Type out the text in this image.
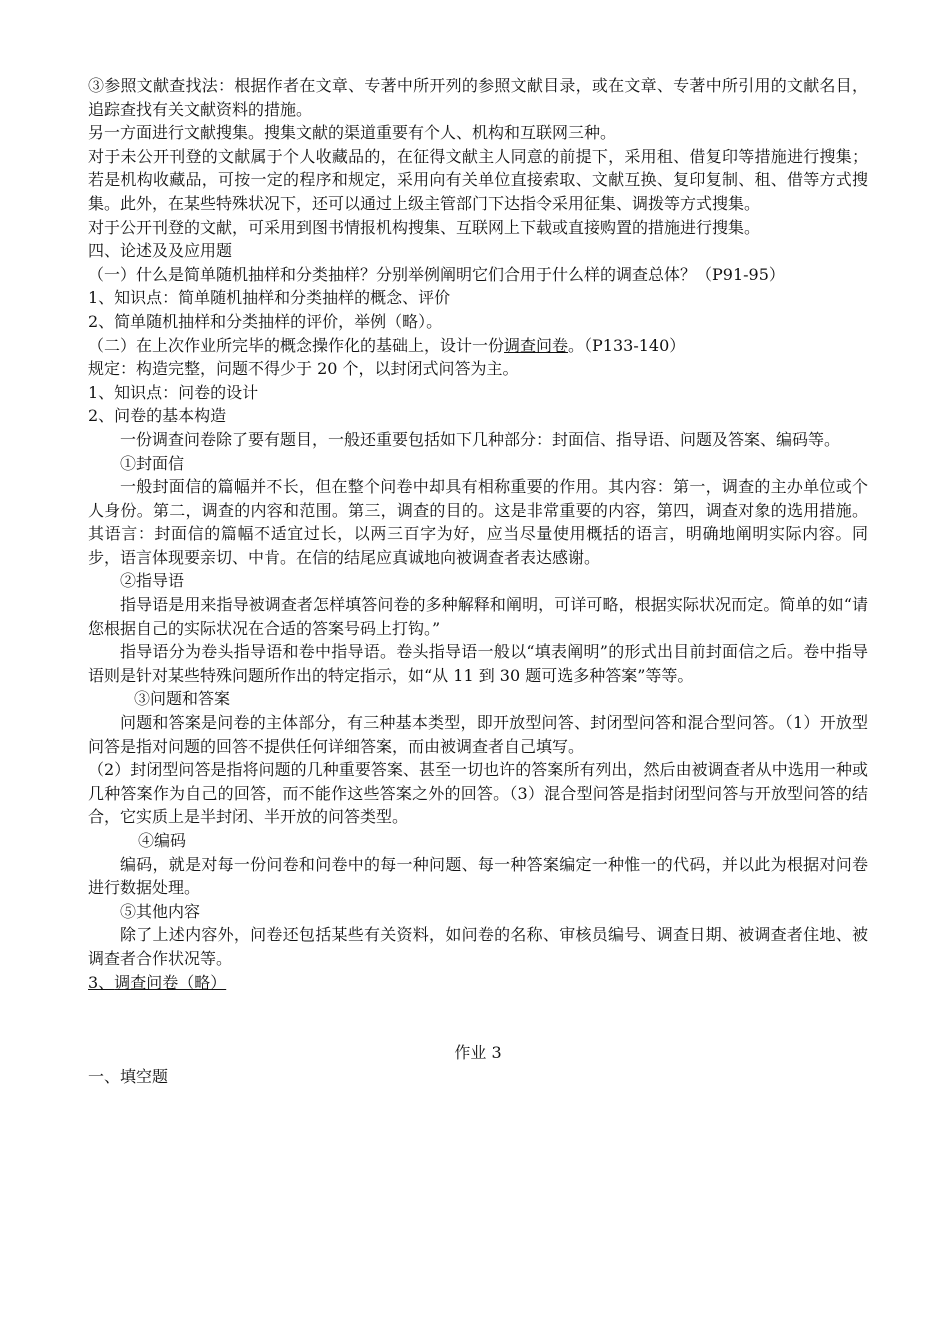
③参照文献查找法：根据作者在文章、专著中所开列的参照文献目录，或在文章、专著中所引用的文献名目，追踪查找有关文献资料的措施。

另一方面进行文献搜集。搜集文献的渠道重要有个人、机构和互联网三种。

对于未公开刊登的文献属于个人收藏品的，在征得文献主人同意的前提下，采用租、借复印等措施进行搜集；若是机构收藏品，可按一定的程序和规定，采用向有关单位直接索取、文献互换、复印复制、租、借等方式搜集。此外，在某些特殊状况下，还可以通过上级主管部门下达指令采用征集、调拨等方式搜集。

对于公开刊登的文献，可采用到图书情报机构搜集、互联网上下载或直接购置的措施进行搜集。

四、论述及及应用题

（一）什么是简单随机抽样和分类抽样？分别举例阐明它们合用于什么样的调查总体？（P91-95）

1、知识点：简单随机抽样和分类抽样的概念、评价

2、简单随机抽样和分类抽样的评价，举例（略）。

（二）在上次作业所完毕的概念操作化的基础上，设计一份调查问卷。（P133-140）

规定：构造完整，问题不得少于 20 个，以封闭式问答为主。

1、知识点：问卷的设计

2、问卷的基本构造

一份调查问卷除了要有题目，一般还重要包括如下几种部分：封面信、指导语、问题及答案、编码等。

①封面信

一般封面信的篇幅并不长，但在整个问卷中却具有相称重要的作用。其内容：第一，调查的主办单位或个人身份。第二，调查的内容和范围。第三，调查的目的。这是非常重要的内容，第四，调查对象的选用措施。其语言：封面信的篇幅不适宜过长，以两三百字为好，应当尽量使用概括的语言，明确地阐明实际内容。同步，语言体现要亲切、中肯。在信的结尾应真诚地向被调查者表达感谢。

②指导语

指导语是用来指导被调查者怎样填答问卷的多种解释和阐明，可详可略，根据实际状况而定。简单的如“请您根据自己的实际状况在合适的答案号码上打钩。”

指导语分为卷头指导语和卷中指导语。卷头指导语一般以“填表阐明”的形式出目前封面信之后。卷中指导语则是针对某些特殊问题所作出的特定指示，如“从 11 到 30 题可选多种答案”等等。

③问题和答案

问题和答案是问卷的主体部分，有三种基本类型，即开放型问答、封闭型问答和混合型问答。（1）开放型问答是指对问题的回答不提供任何详细答案，而由被调查者自己填写。

（2）封闭型问答是指将问题的几种重要答案、甚至一切也许的答案所有列出，然后由被调查者从中选用一种或几种答案作为自己的回答，而不能作这些答案之外的回答。（3）混合型问答是指封闭型问答与开放型问答的结合，它实质上是半封闭、半开放的问答类型。

④编码

编码，就是对每一份问卷和问卷中的每一种问题、每一种答案编定一种惟一的代码，并以此为根据对问卷进行数据处理。

⑤其他内容

除了上述内容外，问卷还包括某些有关资料，如问卷的名称、审核员编号、调查日期、被调查者住地、被调查者合作状况等。

3、调查问卷（略）

作业 3

一、填空题
